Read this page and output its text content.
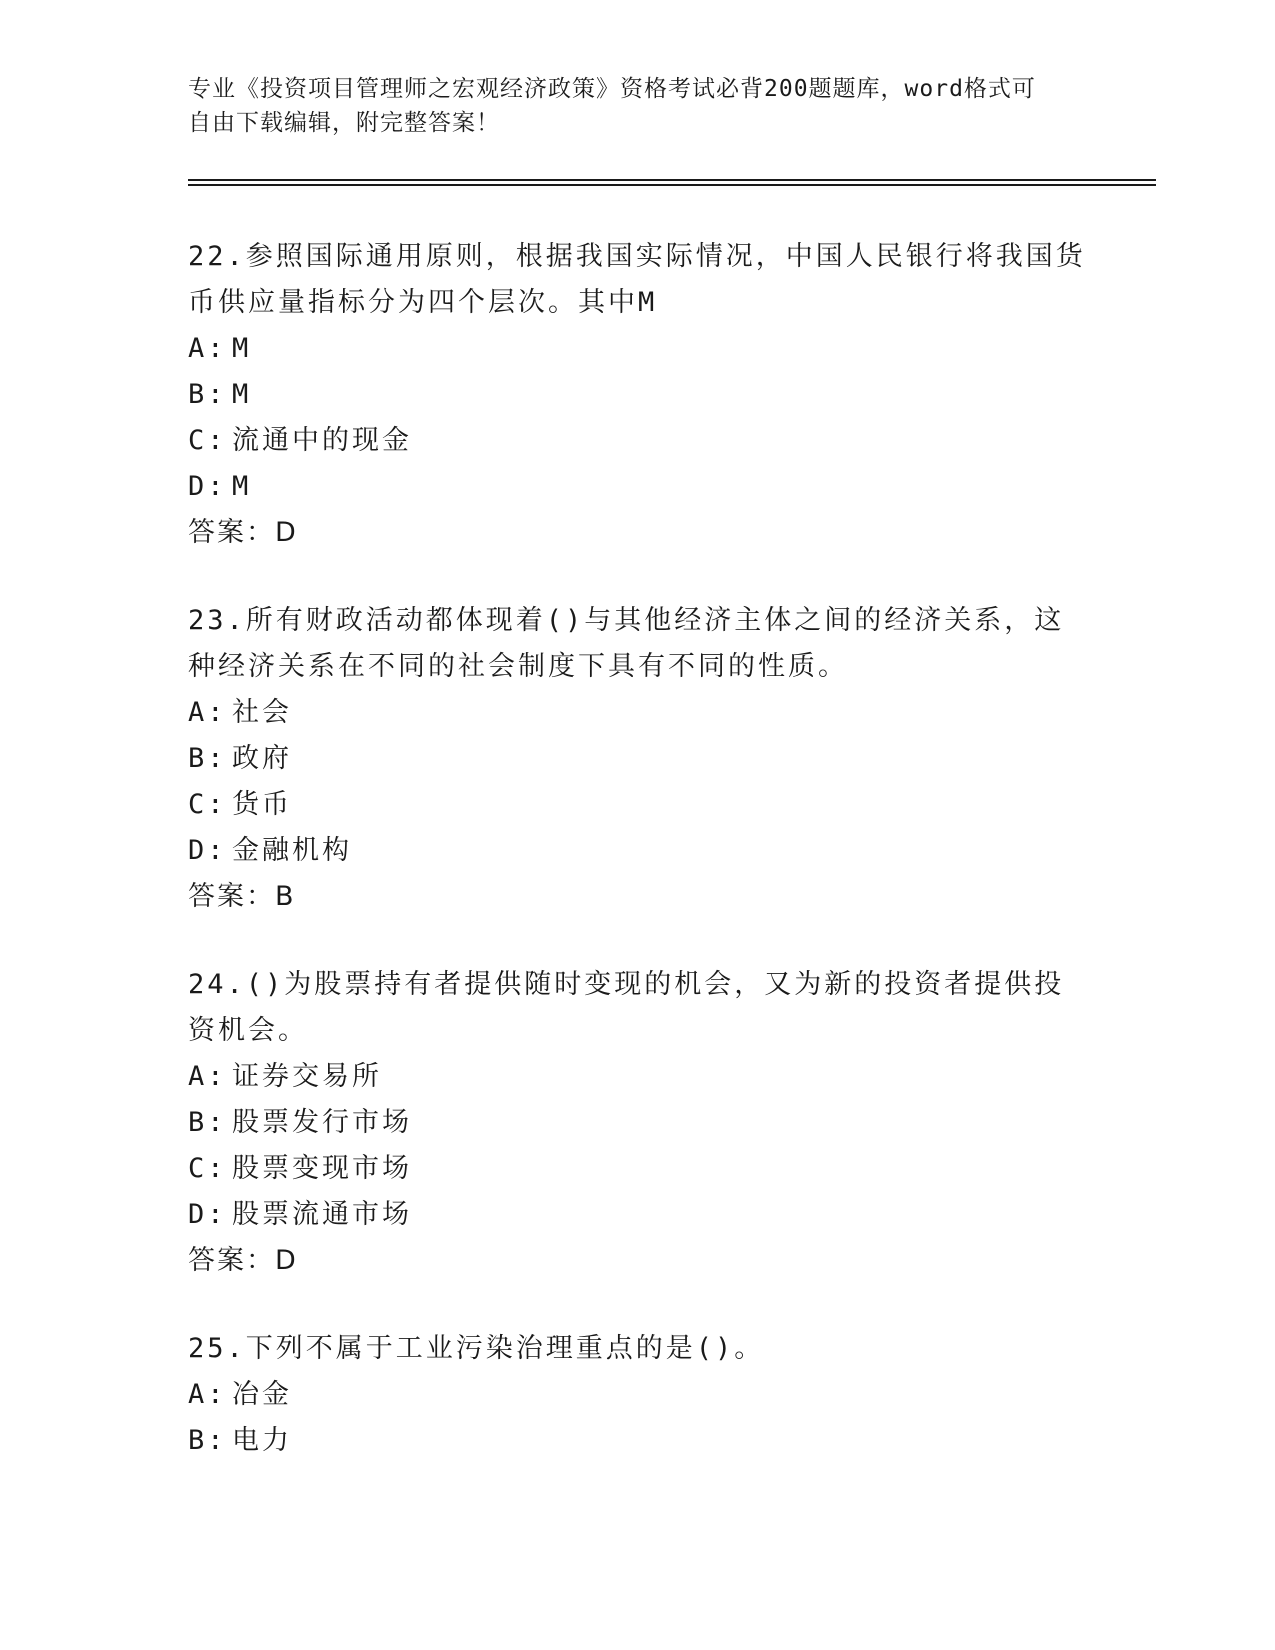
专业《投资项目管理师之宏观经济政策》资格考试必背200题题库，word格式可
自由下载编辑，附完整答案！

22.参照国际通用原则，根据我国实际情况，中国人民银行将我国货币供应量指标分为四个层次。其中M

A: M

B: M

C: 流通中的现金

D: M

答案：D

23.所有财政活动都体现着()与其他经济主体之间的经济关系，这种经济关系在不同的社会制度下具有不同的性质。

A: 社会

B: 政府

C: 货币

D: 金融机构

答案：B

24.()为股票持有者提供随时变现的机会，又为新的投资者提供投资机会。

A: 证券交易所

B: 股票发行市场

C: 股票变现市场

D: 股票流通市场

答案：D

25.下列不属于工业污染治理重点的是()。

A: 冶金

B: 电力
